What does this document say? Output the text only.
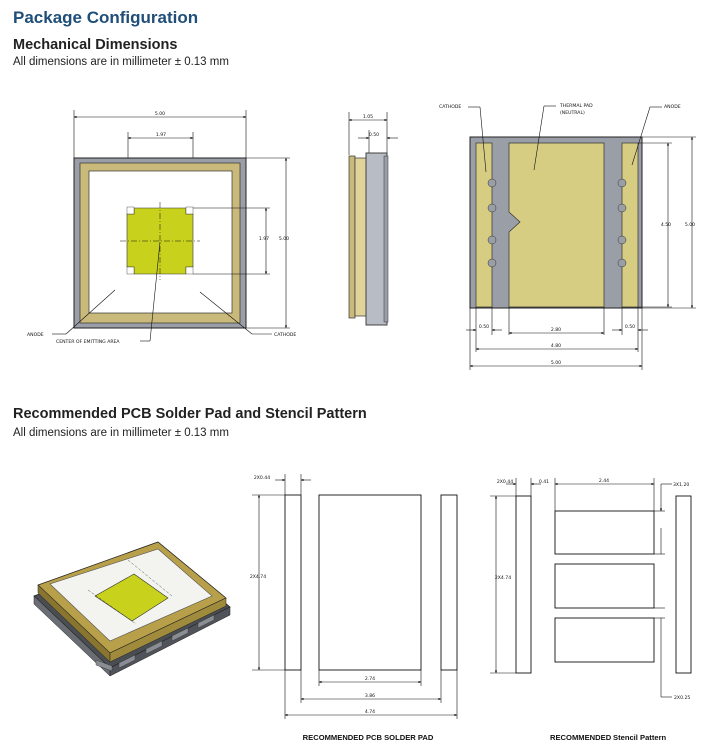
Package Configuration
Mechanical Dimensions
All dimensions are in millimeter ± 0.13 mm
Recommended PCB Solder Pad and Stencil Pattern
All dimensions are in millimeter ± 0.13 mm
5.00
1.97
1.97 5.00
ANODE
CENTER OF EMITTING AREA
CATHODE
1.05
0.50
CATHODE	THERMAL PAD
(NEUTRAL)
ANODE
4.50	5.00
0.50
2.80
0.50
4.80
5.00
2X0.44
2X4.74
2.74
3.86
4.74
RECOMMENDED PCB SOLDER PAD
2X0.44	0.41	2.44
3X1.20
2X4.74
2X0.25
RECOMMENDED Stencil Pattern
